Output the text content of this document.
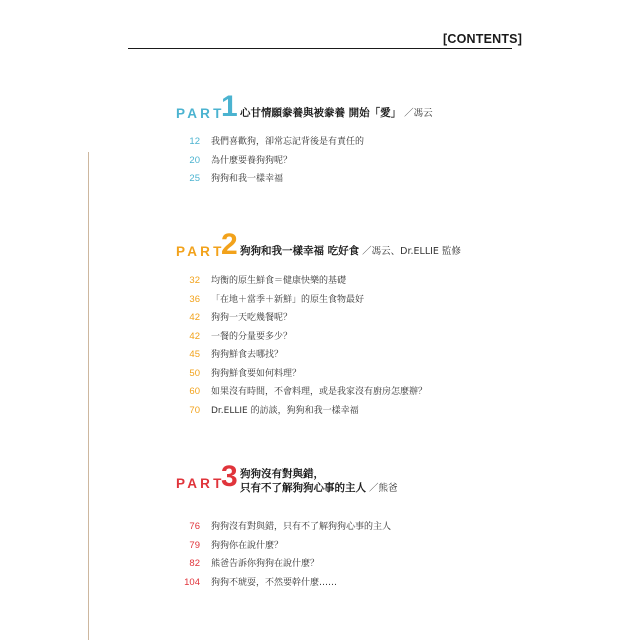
[CONTENTS]
PART
1 心甘情願豢養與被豢養 開始「愛」 ／馮云
12 我們喜歡狗，卻常忘記背後是有責任的
20 為什麼要養狗狗呢？
25 狗狗和我一樣幸福
PART
2 狗狗和我一樣幸福 吃好食 ／馮云、Dr.ELLIE 監修
32 均衡的原生鮮食＝健康快樂的基礎
36 「在地＋當季＋新鮮」的原生食物最好
42 狗狗一天吃幾餐呢？
42 一餐的分量要多少？
45 狗狗鮮食去哪找？
50 狗狗鮮食要如何料理？
60 如果沒有時間，不會料理，或是我家沒有廚房怎麼辦？
70 Dr.ELLIE 的訪談，狗狗和我一樣幸福
PART
3 狗狗沒有對與錯，
只有不了解狗狗心事的主人 ／熊爸
76 狗狗沒有對與錯，只有不了解狗狗心事的主人
79 狗狗你在說什麼？
82 熊爸告訴你狗狗在說什麼？
104 狗狗不琥耍，不然要幹什麼……
